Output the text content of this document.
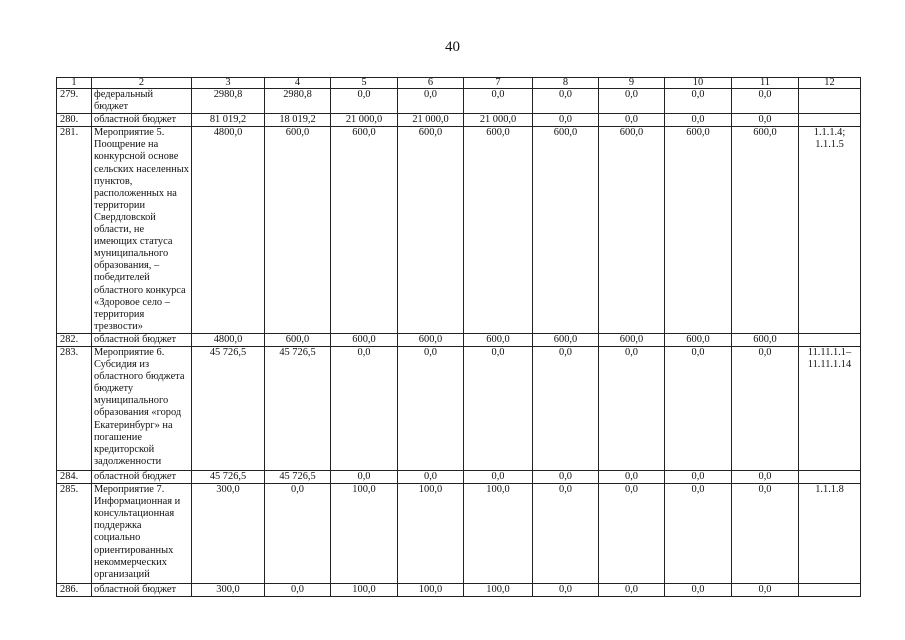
40
1	2	3	4	5	6	7	8	9	10	11	12
279.	федеральный бюджет	2980,8	2980,8	0,0	0,0	0,0	0,0	0,0	0,0	0,0	
280.	областной бюджет	81 019,2	18 019,2	21 000,0	21 000,0	21 000,0	0,0	0,0	0,0	0,0	
281.	Мероприятие 5. Поощрение на конкурсной основе сельских населенных пунктов, расположенных на территории Свердловской области, не имеющих статуса муниципального образования, – победителей областного конкурса «Здоровое село – территория трезвости»	4800,0	600,0	600,0	600,0	600,0	600,0	600,0	600,0	600,0	1.1.1.4; 1.1.1.5
282.	областной бюджет	4800,0	600,0	600,0	600,0	600,0	600,0	600,0	600,0	600,0	
283.	Мероприятие 6. Субсидия из областного бюджета бюджету муниципального образования «город Екатеринбург» на погашение кредиторской задолженности	45 726,5	45 726,5	0,0	0,0	0,0	0,0	0,0	0,0	0,0	11.11.1.1–11.11.1.14
284.	областной бюджет	45 726,5	45 726,5	0,0	0,0	0,0	0,0	0,0	0,0	0,0	
285.	Мероприятие 7. Информационная и консультационная поддержка социально ориентированных некоммерческих организаций	300,0	0,0	100,0	100,0	100,0	0,0	0,0	0,0	0,0	1.1.1.8
286.	областной бюджет	300,0	0,0	100,0	100,0	100,0	0,0	0,0	0,0	0,0	
